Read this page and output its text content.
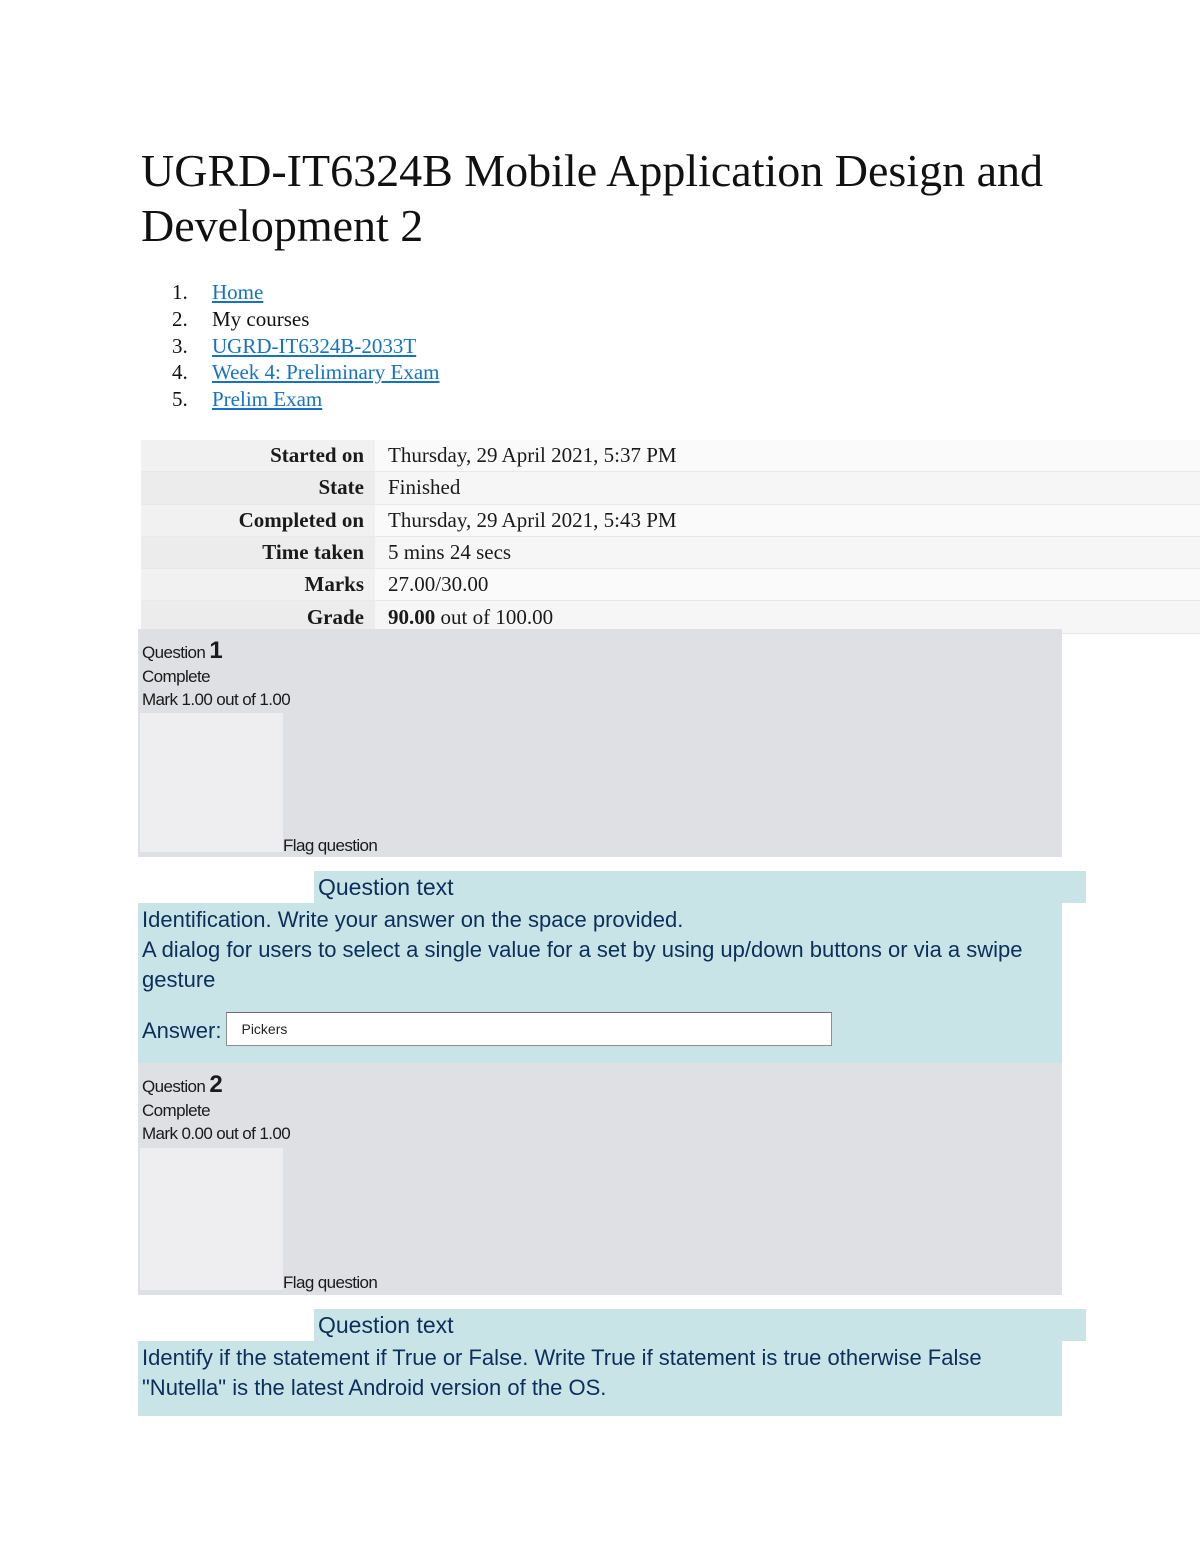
UGRD-IT6324B Mobile Application Design and Development 2
1.	Home
2.	My courses
3.	UGRD-IT6324B-2033T
4.	Week 4: Preliminary Exam
5.	Prelim Exam
Started on	Thursday, 29 April 2021, 5:37 PM
State	Finished
Completed on	Thursday, 29 April 2021, 5:43 PM
Time taken	5 mins 24 secs
Marks	27.00/30.00
Grade	90.00 out of 100.00
Question 1
Complete
Mark 1.00 out of 1.00
Flag question
Question text
Identification. Write your answer on the space provided.
A dialog for users to select a single value for a set by using up/down buttons or via a swipe gesture
Answer:
Pickers
Question 2
Complete
Mark 0.00 out of 1.00
Flag question
Question text
Identify if the statement if True or False. Write True if statement is true otherwise False
"Nutella" is the latest Android version of the OS.
